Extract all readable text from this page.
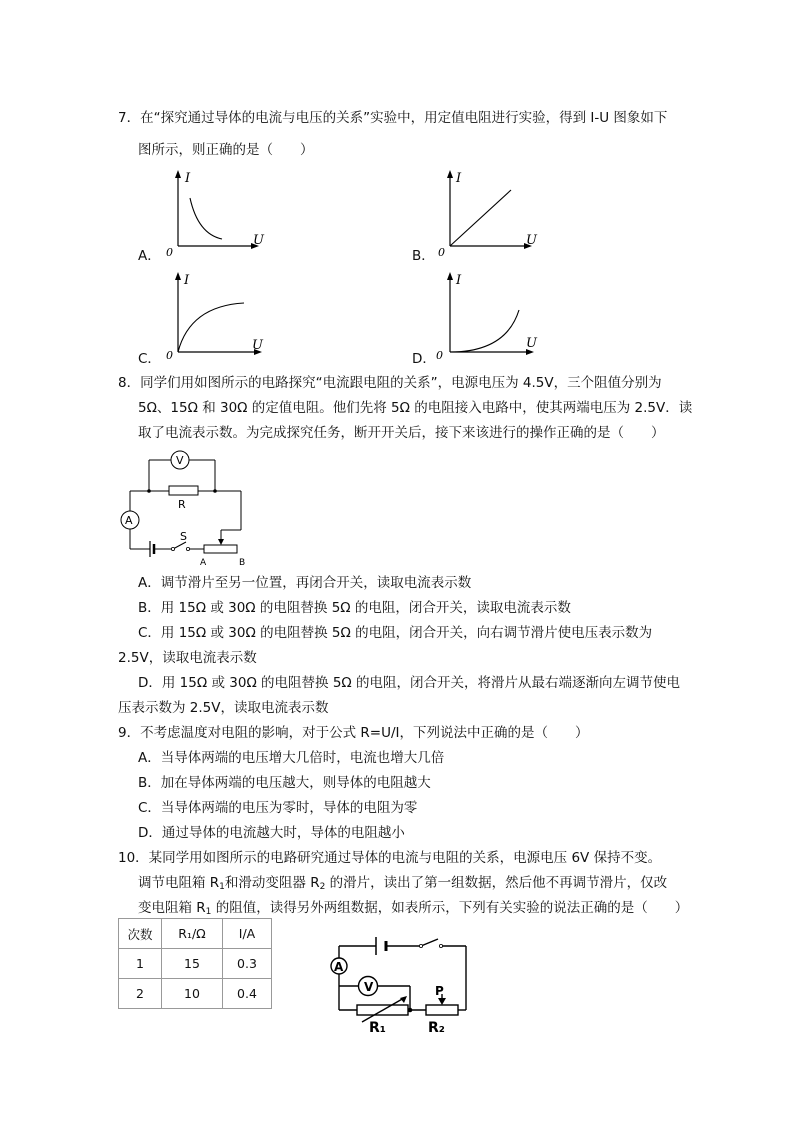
7．在“探究通过导体的电流与电压的关系”实验中，用定值电阻进行实验，得到 I-U 图象如下
图所示，则正确的是（　　）
A．
I
U
0	B．
I
U
0
C．
I
U
0	D．
I
U
0
8．同学们用如图所示的电路探究“电流跟电阻的关系”，电源电压为 4.5V，三个阻值分别为
5Ω、15Ω 和 30Ω 的定值电阻。他们先将 5Ω 的电阻接入电路中，使其两端电压为 2.5V．读
取了电流表示数。为完成探究任务，断开开关后，接下来该进行的操作正确的是（　　）
V
A
R
S
A	B
A．调节滑片至另一位置，再闭合开关，读取电流表示数
B．用 15Ω 或 30Ω 的电阻替换 5Ω 的电阻，闭合开关，读取电流表示数
C．用 15Ω 或 30Ω 的电阻替换 5Ω 的电阻，闭合开关，向右调节滑片使电压表示数为
2.5V，读取电流表示数
D．用 15Ω 或 30Ω 的电阻替换 5Ω 的电阻，闭合开关，将滑片从最右端逐渐向左调节使电
压表示数为 2.5V，读取电流表示数
9．不考虑温度对电阻的影响，对于公式 R=U/I，下列说法中正确的是（　　）
A．当导体两端的电压增大几倍时，电流也增大几倍
B．加在导体两端的电压越大，则导体的电阻越大
C．当导体两端的电压为零时，导体的电阻为零
D．通过导体的电流越大时，导体的电阻越小
10．某同学用如图所示的电路研究通过导体的电流与电阻的关系，电源电压 6V 保持不变。
调节电阻箱 $R_1$和滑动变阻器 $R_2$ 的滑片，读出了第一组数据，然后他不再调节滑片，仅改
变电阻箱 $R_1$ 的阻值，读得另外两组数据，如表所示，下列有关实验的说法正确的是（　　）
次数	R₁/Ω	I/A
1	15	0.3
2	10	0.4
A
V	P
R₁	R₂
